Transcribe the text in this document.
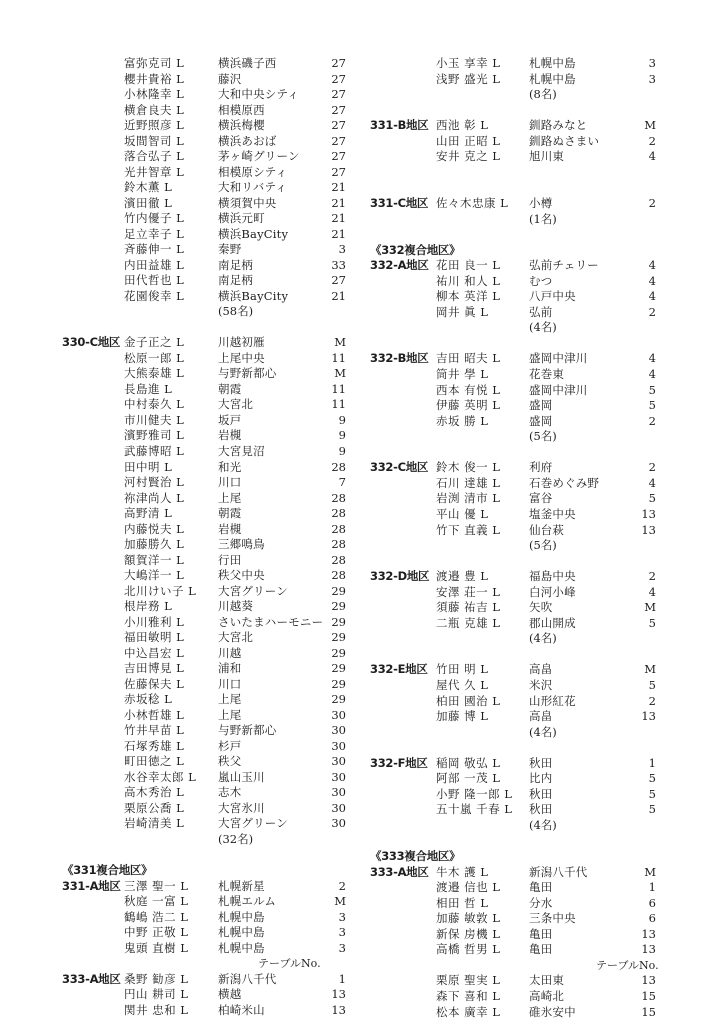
富弥克司 L	横浜磯子西	27
櫻井貴裕 L	藤沢	27
小林隆幸 L	大和中央シティ	27
横倉良夫 L	相模原西	27
近野照彦 L	横浜梅櫻	27
坂間智司 L	横浜あおば	27
落合弘子 L	茅ヶ崎グリーン	27
光井智章 L	相模原シティ	27
鈴木薫 L	大和リバティ	21
濱田徹 L	横須賀中央	21
竹内優子 L	横浜元町	21
足立幸子 L	横浜BayCity	21
斉藤伸一 L	秦野	3
内田益雄 L	南足柄	33
田代哲也 L	南足柄	27
花園俊幸 L	横浜BayCity	21
(58名)
330-C地区 金子正之 L	川越初雁	M
松原一郎 L	上尾中央	11
大熊泰雄 L	与野新都心	M
長島進 L	朝霞	11
中村泰久 L	大宮北	11
市川健夫 L	坂戸	9
濱野雅司 L	岩槻	9
武藤博昭 L	大宮見沼	9
田中明 L	和光	28
河村賢治 L	川口	7
祢津尚人 L	上尾	28
高野清 L	朝霞	28
内藤悦夫 L	岩槻	28
加藤勝久 L	三郷鳴鳥	28
額賀洋一 L	行田	28
大嶋洋一 L	秩父中央	28
北川けい子 L 大宮グリーン	29
根岸務 L	川越葵	29
小川雅利 L	さいたまハーモニー 29
福田敏明 L	大宮北	29
中込昌宏 L	川越	29
吉田博見 L	浦和	29
佐藤保夫 L	川口	29
赤坂稔 L	上尾	29
小林哲雄 L	上尾	30
竹井早苗 L	与野新都心	30
石塚秀雄 L	杉戸	30
町田徳之 L	秩父	30
水谷幸太郎 L 嵐山玉川	30
高木秀治 L	志木	30
栗原公喬 L	大宮氷川	30
岩崎清美 L	大宮グリーン	30
(32名)
《331複合地区》
331-A地区 三澤 聖一 L	札幌新星	2
秋庭 一富 L	札幌エルム	M
鶴嶋 浩二 L	札幌中島	3
中野 正敬 L	札幌中島	3
鬼頭 直樹 L	札幌中島	3
テーブルNo.
333-A地区 桑野 勧彦 L	新潟八千代	1
円山 耕司 L	横越	13
関井 忠和 L	柏崎米山	13
小玉 享幸 L 札幌中島	3
浅野 盛光 L 札幌中島	3
(8名)
331-B地区 西池 彰 L	釧路みなと	M
山田 正昭 L 釧路ぬさまい	2
安井 克之 L 旭川東	4
331-C地区 佐々木忠康 L 小樽	2
(1名)
《332複合地区》
332-A地区 花田 良一 L 弘前チェリー	4
祐川 和人 L むつ	4
柳本 英洋 L 八戸中央	4
岡井 眞 L	弘前	2
(4名)
332-B地区 吉田 昭夫 L 盛岡中津川	4
筒井 學 L	花巻東	4
西本 有悦 L 盛岡中津川	5
伊藤 英明 L 盛岡	5
赤坂 勝 L	盛岡	2
(5名)
332-C地区 鈴木 俊一 L 利府	2
石川 達雄 L 石巻めぐみ野	4
岩渕 清市 L 富谷	5
平山 優 L	塩釜中央	13
竹下 直義 L 仙台萩	13
(5名)
332-D地区 渡邉 豊 L	福島中央	2
安澤 荘一 L 白河小峰	4
須藤 祐吉 L 矢吹	M
二瓶 克雄 L 郡山開成	5
(4名)
332-E地区 竹田 明 L	高畠	M
屋代 久 L	米沢	5
柏田 國治 L 山形紅花	2
加藤 博 L	高畠	13
(4名)
332-F地区 稲岡 敬弘 L 秋田	1
阿部 一茂 L 比内	5
小野 隆一郎 L 秋田	5
五十嵐 千春 L 秋田	5
(4名)
《333複合地区》
333-A地区 牛木 護 L	新潟八千代	M
渡邉 信也 L 亀田	1
相田 哲 L	分水	6
加藤 敏敦 L 三条中央	6
新保 房機 L 亀田	13
高橋 哲男 L 亀田	13
テーブルNo.
栗原 聖実 L 太田東	13
森下 喜和 L 高崎北	15
松本 廣幸 L 碓氷安中	15
